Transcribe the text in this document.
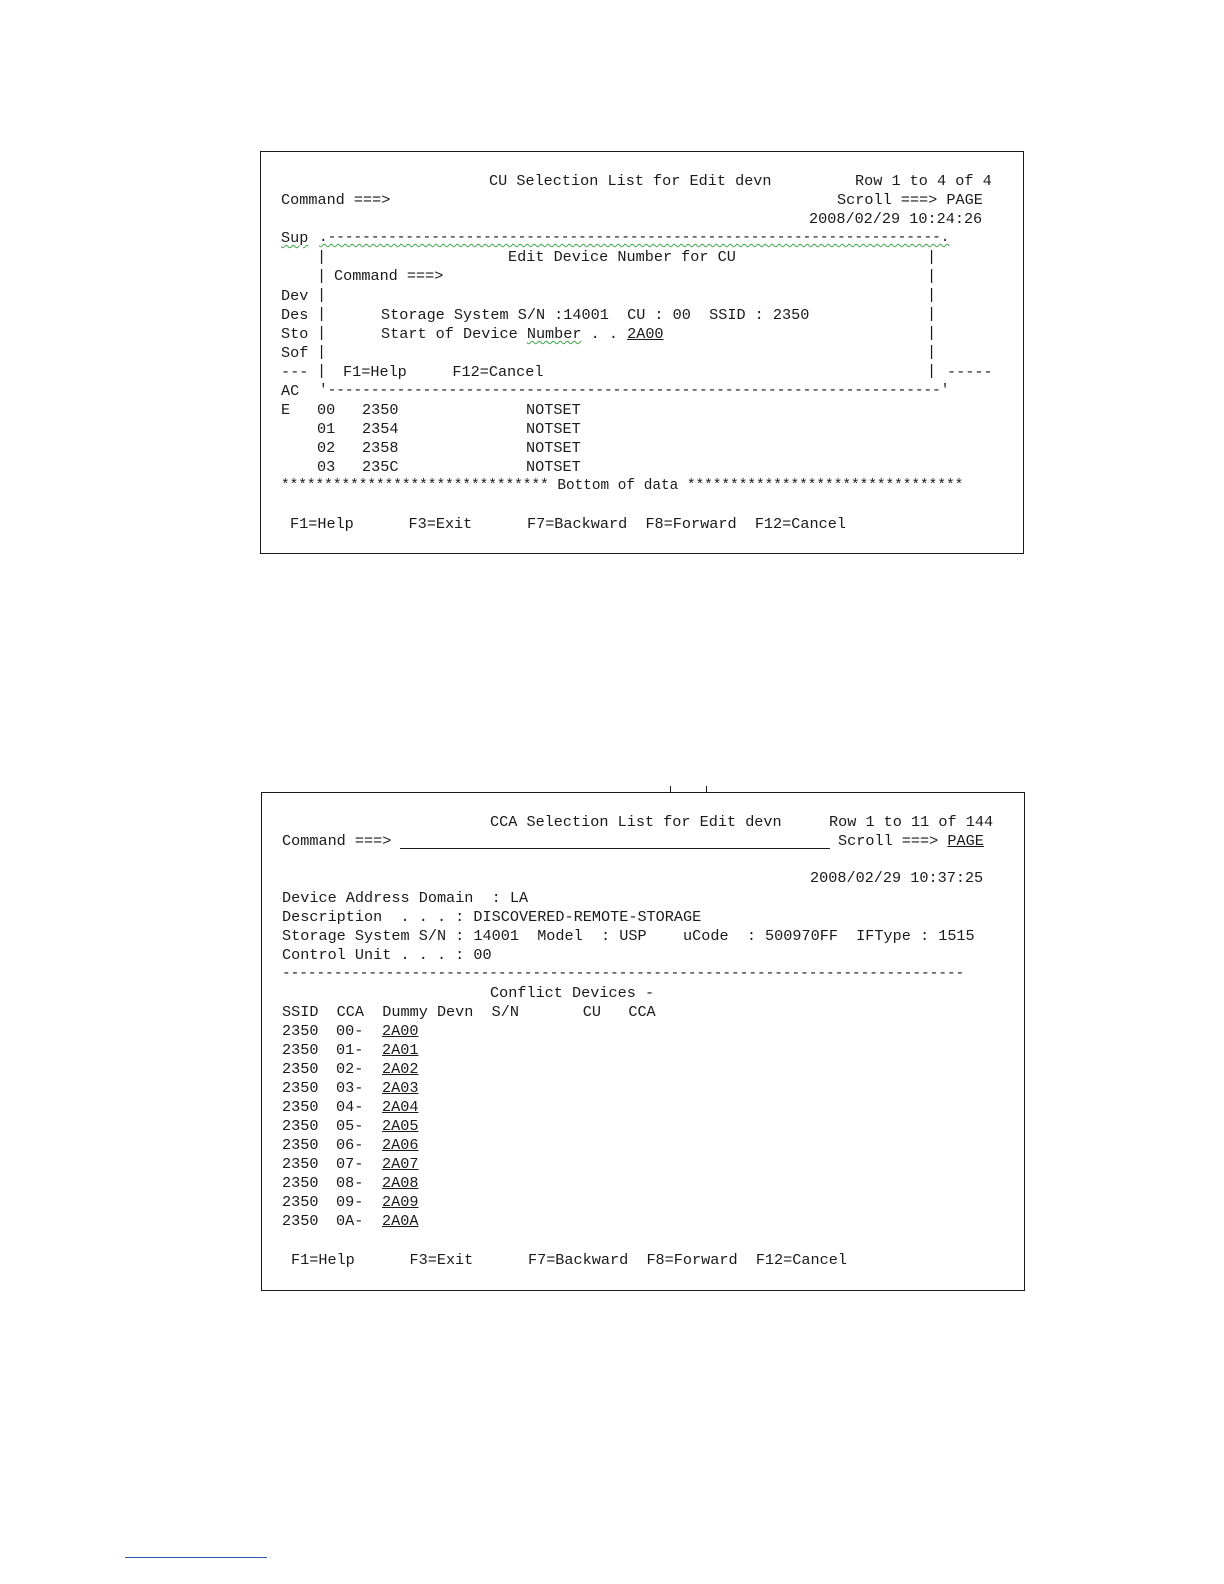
CU Selection List for Edit devn	Row 1 to 4 of 4
Command ===>	Scroll ===> PAGE
2008/02/29 10:24:26
Sup
Dev
Des
Sto
Sof
---
AC
.-----------------------------------------------------------------------.
|
|
|
|
|
|
|
|
|
|
|
|
|
|
Edit Device Number for CU
Command ===>
Storage System S/N :14001  CU : 00  SSID : 2350
Start of Device Number . . 2A00
F1=Help     F12=Cancel	-----
'-----------------------------------------------------------------------'
E 00 2350	NOTSET
01 2354	NOTSET
02 2358	NOTSET
03 235C	NOTSET
******************************* Bottom of data ********************************
F1=Help      F3=Exit      F7=Backward  F8=Forward  F12=Cancel
CCA Selection List for Edit devn	Row 1 to 11 of 144
Command ===>	Scroll ===> PAGE
2008/02/29 10:37:25
Device Address Domain  : LA
Description  . . . : DISCOVERED-REMOTE-STORAGE
Storage System S/N : 14001  Model  : USP    uCode  : 500970FF  IFType : 1515
Control Unit . . . : 00
-------------------------------------------------------------------------------
Conflict Devices -
SSID  CCA  Dummy Devn  S/N       CU   CCA
2350 00- 2A00
2350 01- 2A01
2350 02- 2A02
2350 03- 2A03
2350 04- 2A04
2350 05- 2A05
2350 06- 2A06
2350 07- 2A07
2350 08- 2A08
2350 09- 2A09
2350 0A- 2A0A
F1=Help      F3=Exit      F7=Backward  F8=Forward  F12=Cancel
